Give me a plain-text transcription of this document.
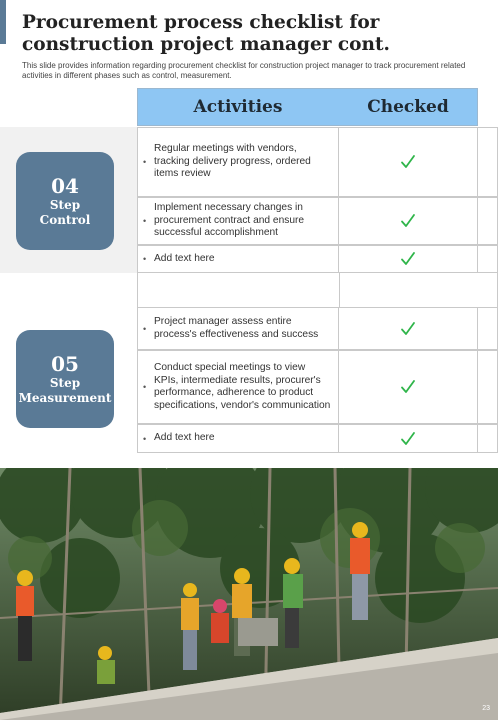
Procurement process checklist for construction project manager cont.

This slide provides information regarding procurement checklist for construction project manager to track procurement related activities in different phases such as control, measurement.

Activities	Checked
04
Step
Control
•
Regular meetings with vendors, tracking delivery progress, ordered items review
•
Implement necessary changes in procurement contract and ensure successful accomplishment
• Add text here
05
Step
Measurement
•
Project manager assess entire process's effectiveness and success
•
Conduct special meetings to view KPIs, intermediate results, procurer's performance, adherence to product specifications, vendor's communication
• Add text here
23
